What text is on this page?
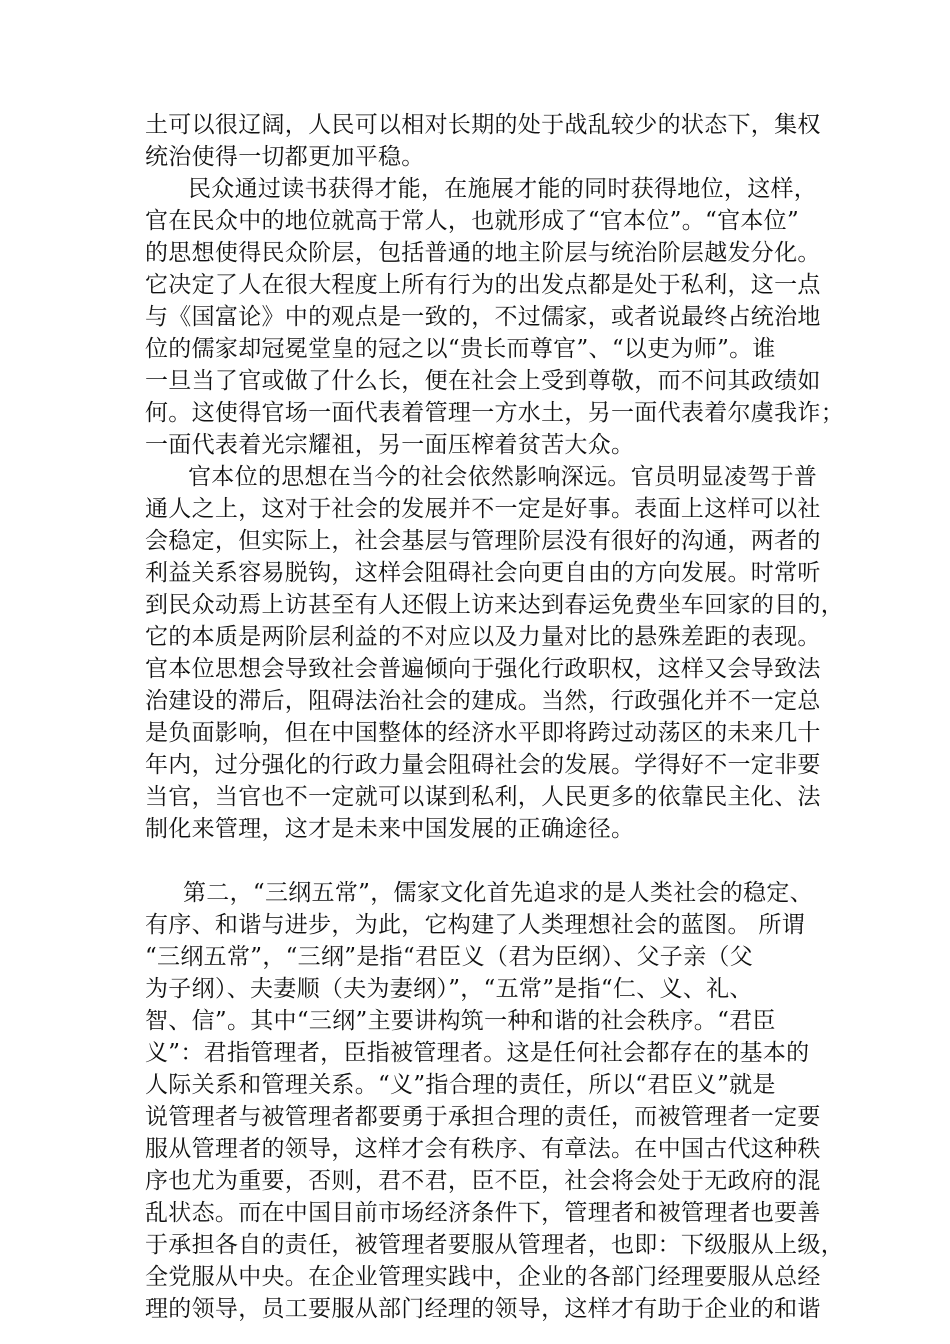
土可以很辽阔，人民可以相对长期的处于战乱较少的状态下，集权
统治使得一切都更加平稳。
民众通过读书获得才能，在施展才能的同时获得地位，这样，
官在民众中的地位就高于常人，也就形成了“官本位”。“官本位”
的思想使得民众阶层，包括普通的地主阶层与统治阶层越发分化。
它决定了人在很大程度上所有行为的出发点都是处于私利，这一点
与《国富论》中的观点是一致的，不过儒家，或者说最终占统治地
位的儒家却冠冕堂皇的冠之以“贵长而尊官”、“以吏为师”。谁
一旦当了官或做了什么长，便在社会上受到尊敬，而不问其政绩如
何。这使得官场一面代表着管理一方水土，另一面代表着尔虞我诈；
一面代表着光宗耀祖，另一面压榨着贫苦大众。
官本位的思想在当今的社会依然影响深远。官员明显凌驾于普
通人之上，这对于社会的发展并不一定是好事。表面上这样可以社
会稳定，但实际上，社会基层与管理阶层没有很好的沟通，两者的
利益关系容易脱钩，这样会阻碍社会向更自由的方向发展。时常听
到民众动焉上访甚至有人还假上访来达到春运免费坐车回家的目的，
它的本质是两阶层利益的不对应以及力量对比的悬殊差距的表现。
官本位思想会导致社会普遍倾向于强化行政职权，这样又会导致法
治建设的滞后，阻碍法治社会的建成。当然，行政强化并不一定总
是负面影响，但在中国整体的经济水平即将跨过动荡区的未来几十
年内，过分强化的行政力量会阻碍社会的发展。学得好不一定非要
当官，当官也不一定就可以谋到私利，人民更多的依靠民主化、法
制化来管理，这才是未来中国发展的正确途径。
第二，“三纲五常”，儒家文化首先追求的是人类社会的稳定、
有序、和谐与进步，为此，它构建了人类理想社会的蓝图。 所谓
“三纲五常”，“三纲”是指“君臣义（君为臣纲）、父子亲（父
为子纲）、夫妻顺（夫为妻纲）”，“五常”是指“仁、义、礼、
智、信”。其中“三纲”主要讲构筑一种和谐的社会秩序。“君臣
义”：君指管理者，臣指被管理者。这是任何社会都存在的基本的
人际关系和管理关系。“义”指合理的责任，所以“君臣义”就是
说管理者与被管理者都要勇于承担合理的责任，而被管理者一定要
服从管理者的领导，这样才会有秩序、有章法。在中国古代这种秩
序也尤为重要，否则，君不君，臣不臣，社会将会处于无政府的混
乱状态。而在中国目前市场经济条件下，管理者和被管理者也要善
于承担各自的责任，被管理者要服从管理者，也即：下级服从上级，
全党服从中央。在企业管理实践中，企业的各部门经理要服从总经
理的领导，员工要服从部门经理的领导，这样才有助于企业的和谐
